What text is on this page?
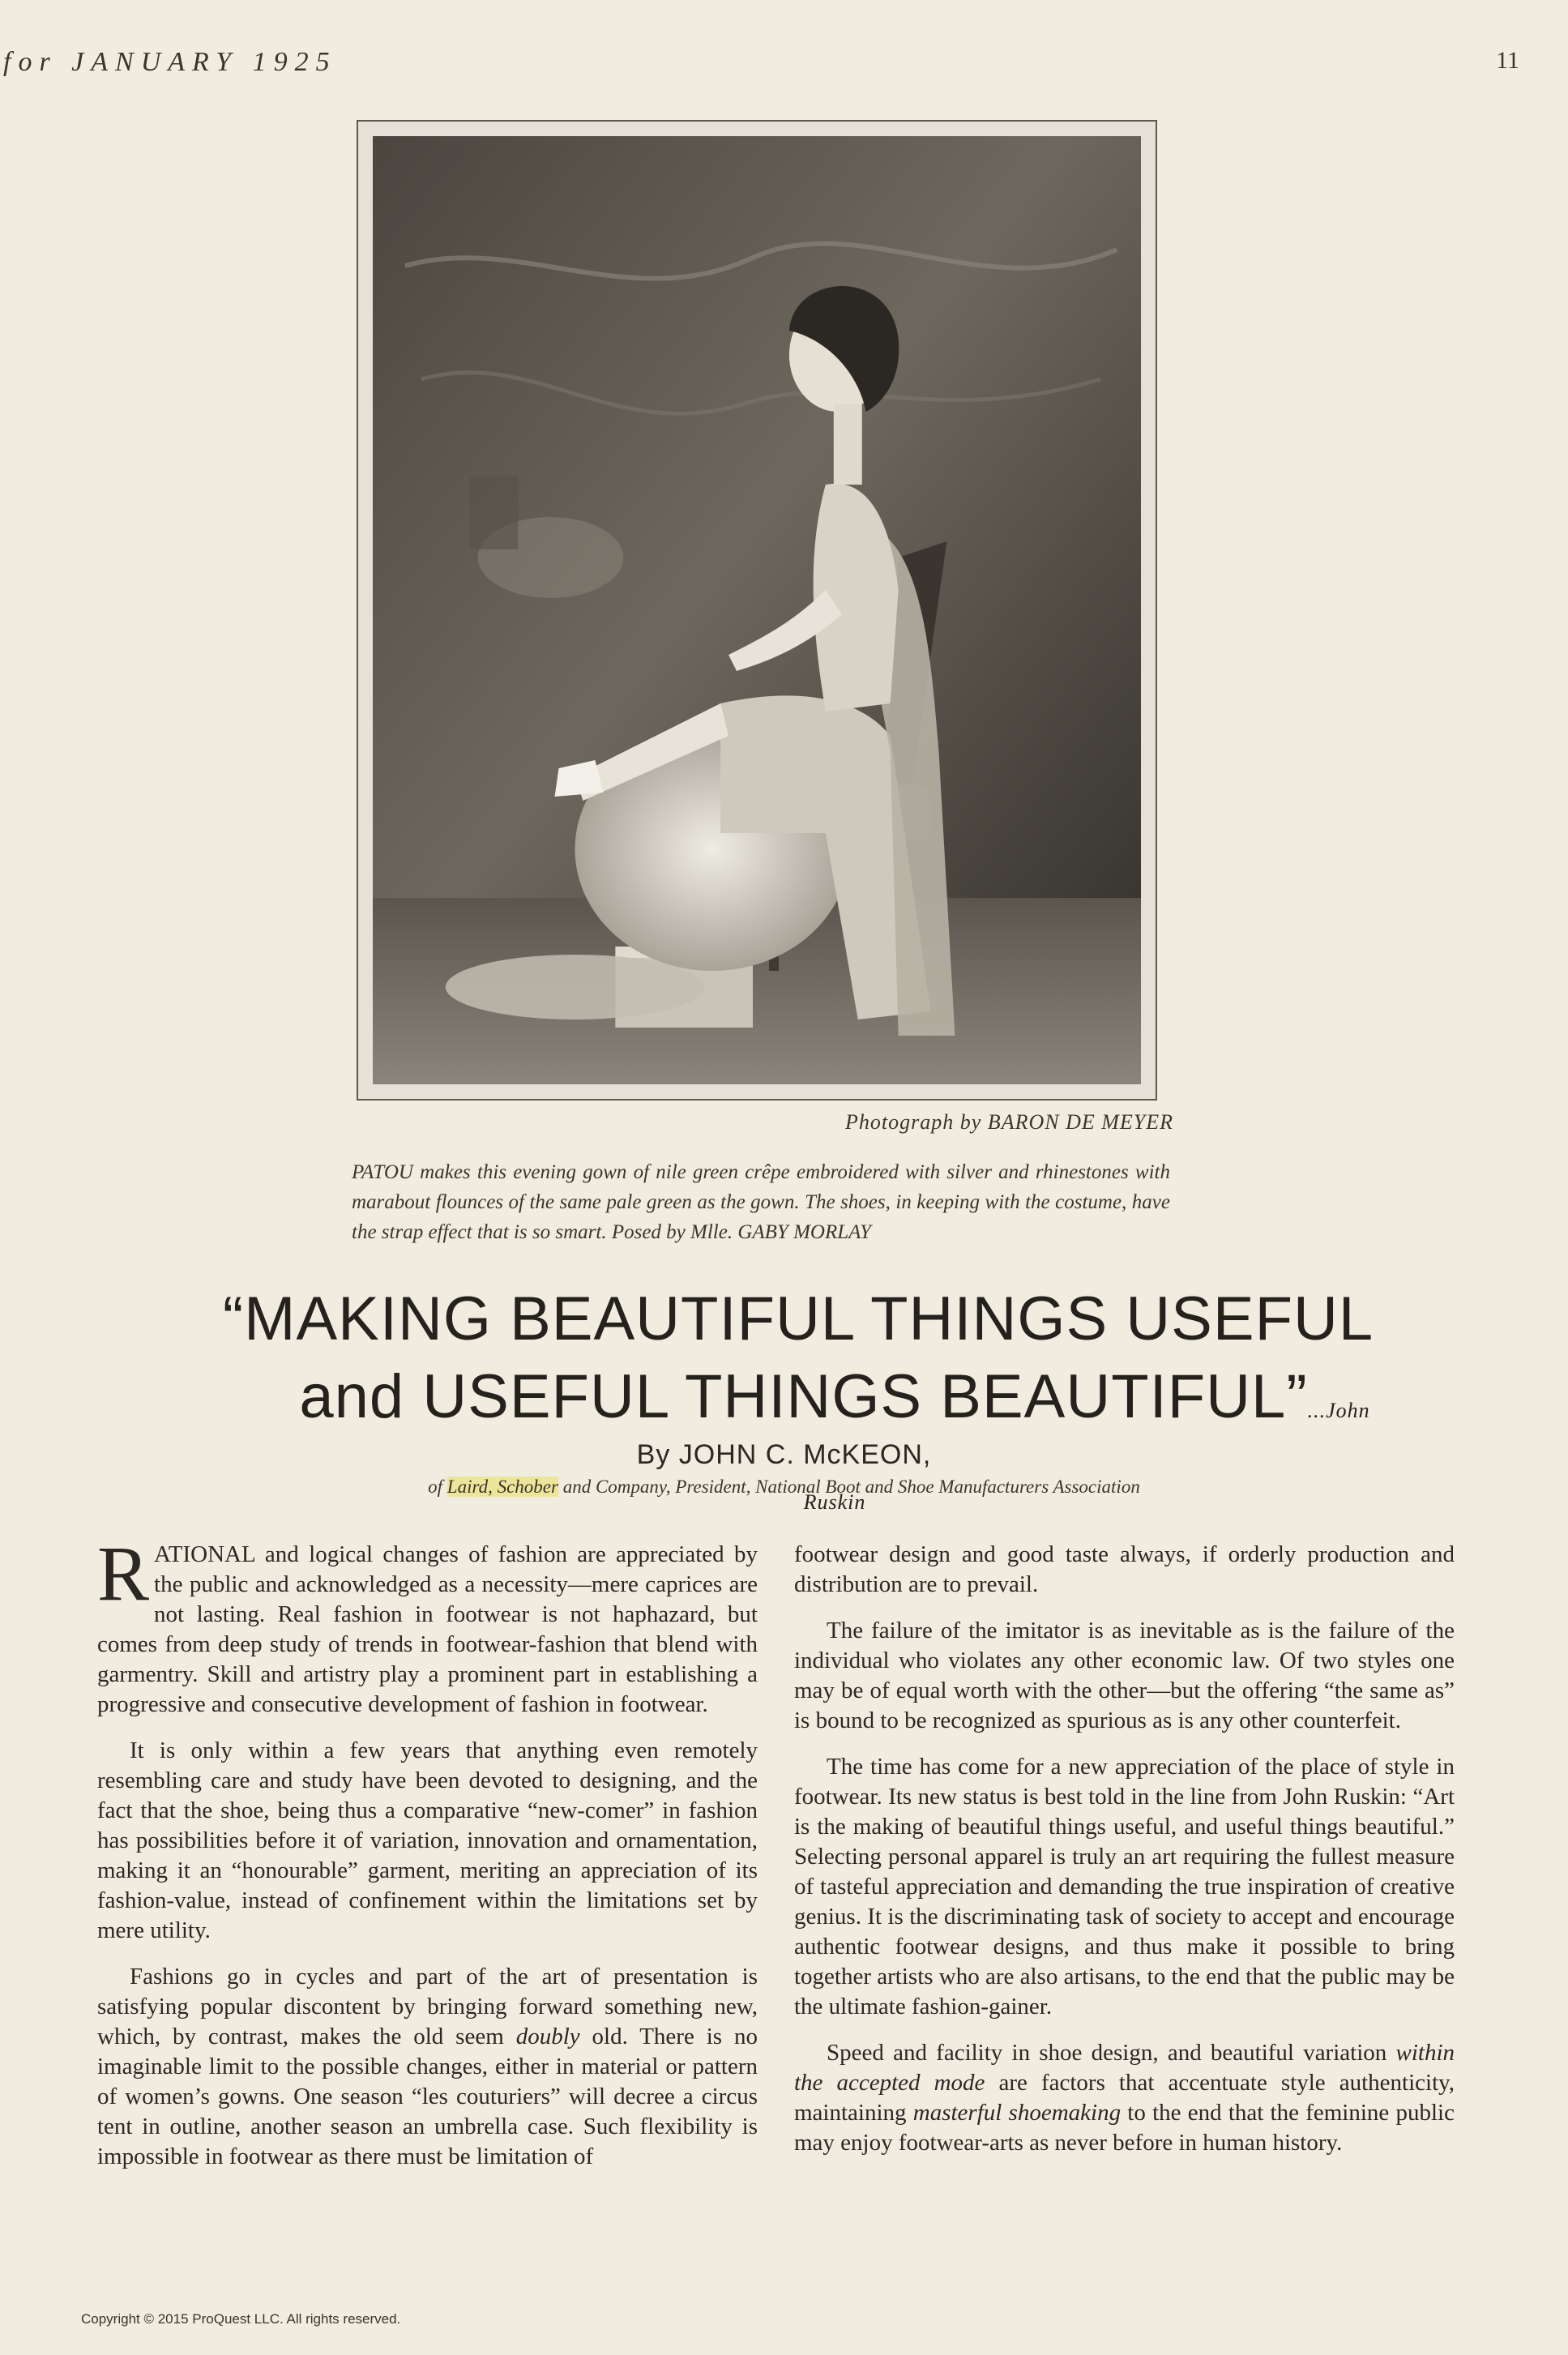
for JANUARY 1925	11
Photograph by BARON DE MEYER
PATOU makes this evening gown of nile green crêpe embroidered with silver and rhinestones with marabout flounces of the same pale green as the gown. The shoes, in keeping with the costume, have the strap effect that is so smart. Posed by Mlle. GABY MORLAY
“MAKING BEAUTIFUL THINGS USEFUL
and USEFUL THINGS BEAUTIFUL”...John Ruskin
By JOHN C. McKEON,
of Laird, Schober and Company, President, National Boot and Shoe Manufacturers Association

RATIONAL and logical changes of fashion are appreciated by the public and acknowledged as a necessity—mere caprices are not lasting. Real fashion in footwear is not haphazard, but comes from deep study of trends in footwear-fashion that blend with garmentry. Skill and artistry play a prominent part in establishing a progressive and consecutive development of fashion in footwear.

It is only within a few years that anything even remotely resembling care and study have been devoted to designing, and the fact that the shoe, being thus a comparative “new-comer” in fashion has possibilities before it of variation, innovation and ornamentation, making it an “honourable” garment, meriting an appreciation of its fashion-value, instead of confinement within the limitations set by mere utility.

Fashions go in cycles and part of the art of presentation is satisfying popular discontent by bringing forward something new, which, by contrast, makes the old seem doubly old. There is no imaginable limit to the possible changes, either in material or pattern of women’s gowns. One season “les couturiers” will decree a circus tent in outline, another season an umbrella case. Such flexibility is impossible in footwear as there must be limitation of

footwear design and good taste always, if orderly production and distribution are to prevail.

The failure of the imitator is as inevitable as is the failure of the individual who violates any other economic law. Of two styles one may be of equal worth with the other—but the offering “the same as” is bound to be recognized as spurious as is any other counterfeit.

The time has come for a new appreciation of the place of style in footwear. Its new status is best told in the line from John Ruskin: “Art is the making of beautiful things useful, and useful things beautiful.” Selecting personal apparel is truly an art requiring the fullest measure of tasteful appreciation and demanding the true inspiration of creative genius. It is the discriminating task of society to accept and encourage authentic footwear designs, and thus make it possible to bring together artists who are also artisans, to the end that the public may be the ultimate fashion-gainer.

Speed and facility in shoe design, and beautiful variation within the accepted mode are factors that accentuate style authenticity, maintaining masterful shoemaking to the end that the feminine public may enjoy footwear-arts as never before in human history.

Copyright © 2015 ProQuest LLC. All rights reserved.
